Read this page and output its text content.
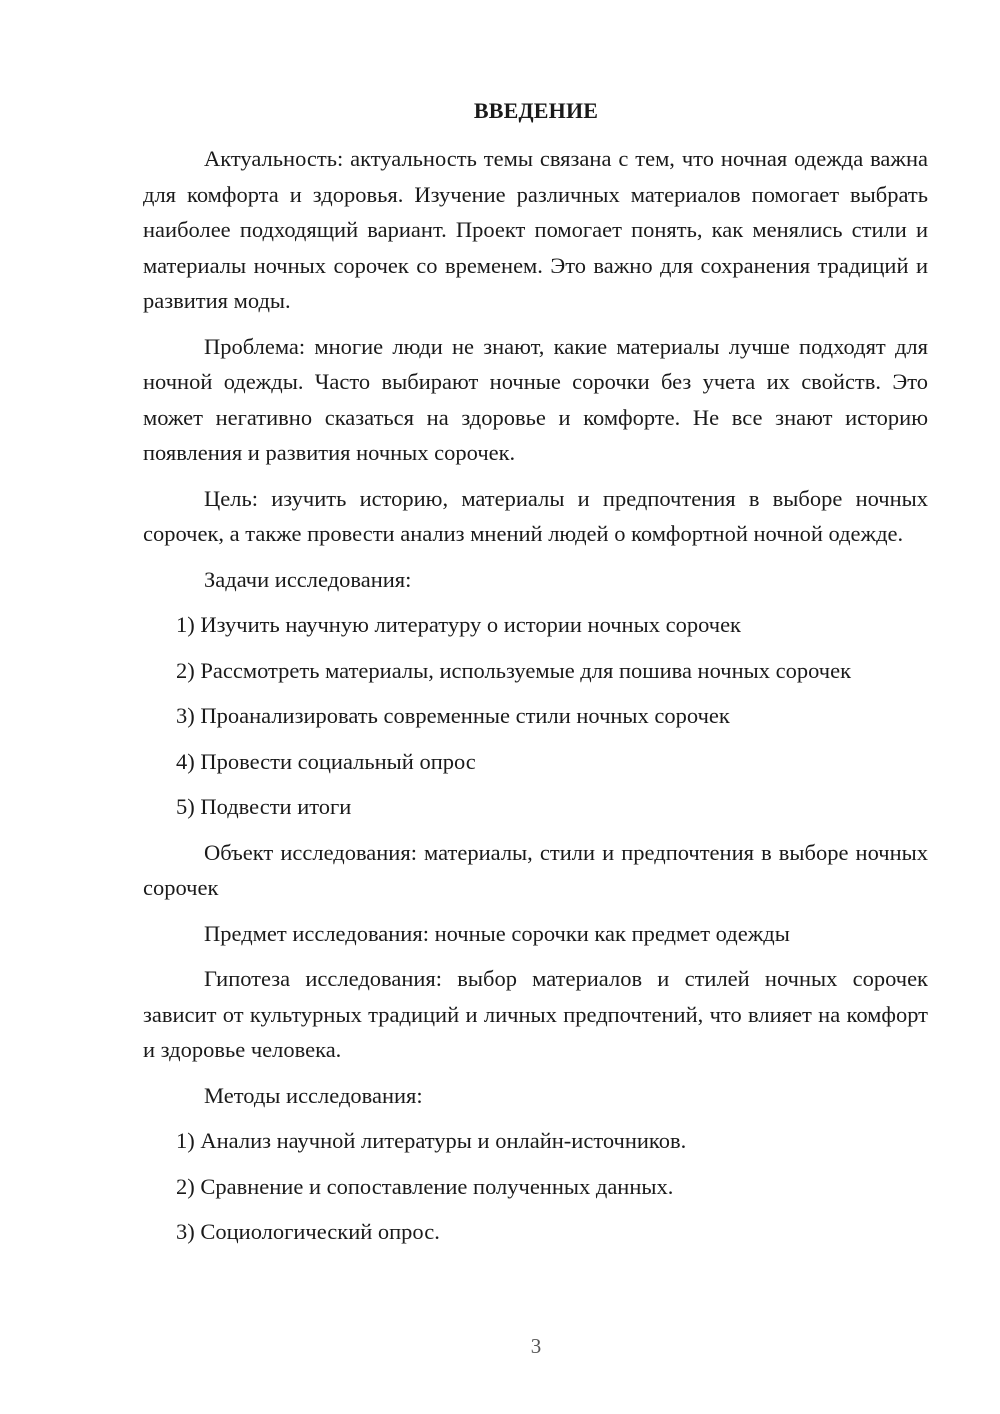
ВВЕДЕНИЕ

Актуальность: актуальность темы связана с тем, что ночная одежда важна для комфорта и здоровья. Изучение различных материалов помогает выбрать наиболее подходящий вариант. Проект помогает понять, как менялись стили и материалы ночных сорочек со временем. Это важно для сохранения традиций и развития моды.

Проблема: многие люди не знают, какие материалы лучше подходят для ночной одежды. Часто выбирают ночные сорочки без учета их свойств. Это может негативно сказаться на здоровье и комфорте. Не все знают историю появления и развития ночных сорочек.

Цель: изучить историю, материалы и предпочтения в выборе ночных сорочек, а также провести анализ мнений людей о комфортной ночной одежде.

Задачи исследования:

1) Изучить научную литературу о истории ночных сорочек

2) Рассмотреть материалы, используемые для пошива ночных сорочек

3) Проанализировать современные стили ночных сорочек

4) Провести социальный опрос

5) Подвести итоги

Объект исследования: материалы, стили и предпочтения в выборе ночных сорочек

Предмет исследования: ночные сорочки как предмет одежды

Гипотеза исследования: выбор материалов и стилей ночных сорочек зависит от культурных традиций и личных предпочтений, что влияет на комфорт и здоровье человека.

Методы исследования:

1) Анализ научной литературы и онлайн-источников.

2) Сравнение и сопоставление полученных данных.

3) Социологический опрос.

3
